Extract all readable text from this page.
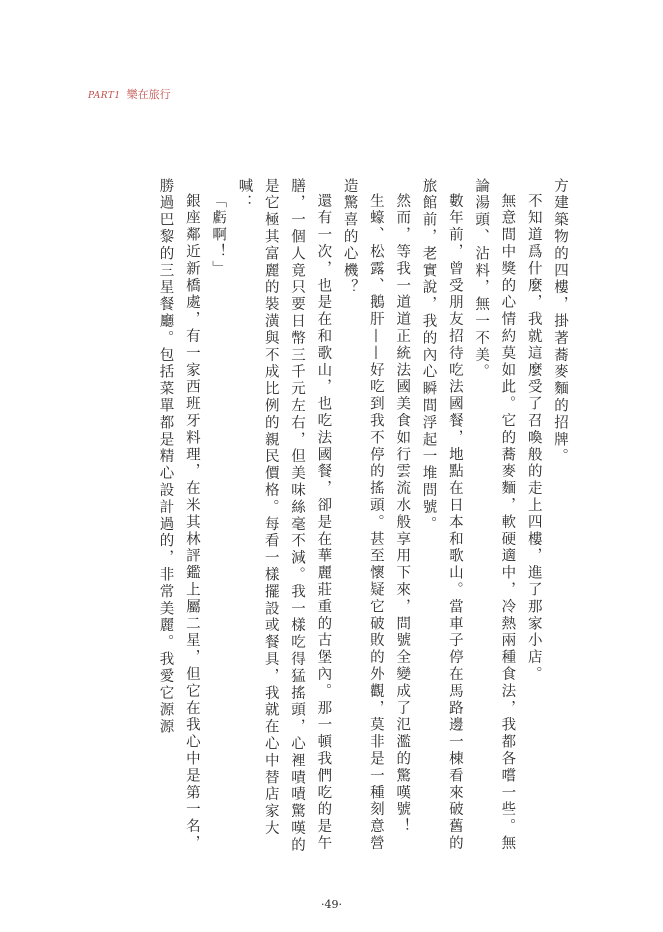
PART1 樂在旅行

方建築物的四樓，掛著蕎麥麵的招牌。

不知道爲什麼，我就這麼受了召喚般的走上四樓，進了那家小店。

無意間中獎的心情約莫如此。它的蕎麥麵，軟硬適中，冷熱兩種食法，我都各嚐一些。無論湯頭、沾料，無一不美。

數年前，曾受朋友招待吃法國餐，地點在日本和歌山。當車子停在馬路邊一棟看來破舊的旅館前，老實說，我的內心瞬間浮起一堆問號。

然而，等我一道道正統法國美食如行雲流水般享用下來，問號全變成了氾濫的驚嘆號！

生蠔、松露、鵝肝——好吃到我不停的搖頭。甚至懷疑它破敗的外觀，莫非是一種刻意營造驚喜的心機？

還有一次，也是在和歌山，也吃法國餐，卻是在華麗莊重的古堡內。那一頓我們吃的是午膳，一個人竟只要日幣三千元左右，但美味絲毫不減。我一樣吃得猛搖頭，心裡嘖嘖驚嘆的是它極其富麗的裝潢與不成比例的親民價格。每看一樣擺設或餐具，我就在心中替店家大喊：

「虧啊！」

銀座鄰近新橋處，有一家西班牙料理，在米其林評鑑上屬二星，但它在我心中是第一名，勝過巴黎的三星餐廳。包括菜單都是精心設計過的，非常美麗。我愛它源源

·49·
